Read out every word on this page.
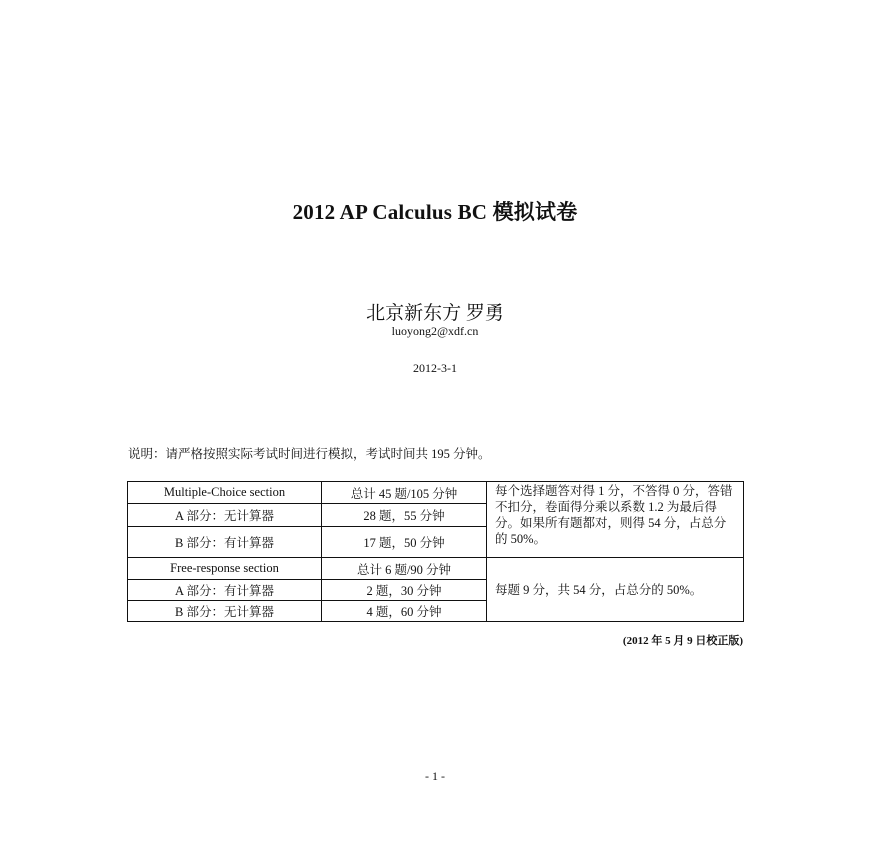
2012 AP Calculus BC 模拟试卷
北京新东方 罗勇
luoyong2@xdf.cn
2012-3-1
说明：请严格按照实际考试时间进行模拟，考试时间共 195 分钟。
Multiple-Choice section	总计 45 题/105 分钟	每个选择题答对得 1 分，不答得 0 分，答错不扣分，卷面得分乘以系数 1.2 为最后得分。如果所有题都对，则得 54 分，占总分的 50%。
A 部分：无计算器	28 题，55 分钟	
B 部分：有计算器	17 题，50 分钟	
Free-response section	总计 6 题/90 分钟	每题 9 分，共 54 分，占总分的 50%。
A 部分：有计算器	2 题，30 分钟	
B 部分：无计算器	4 题，60 分钟	
(2012 年 5 月 9 日校正版)
- 1 -
